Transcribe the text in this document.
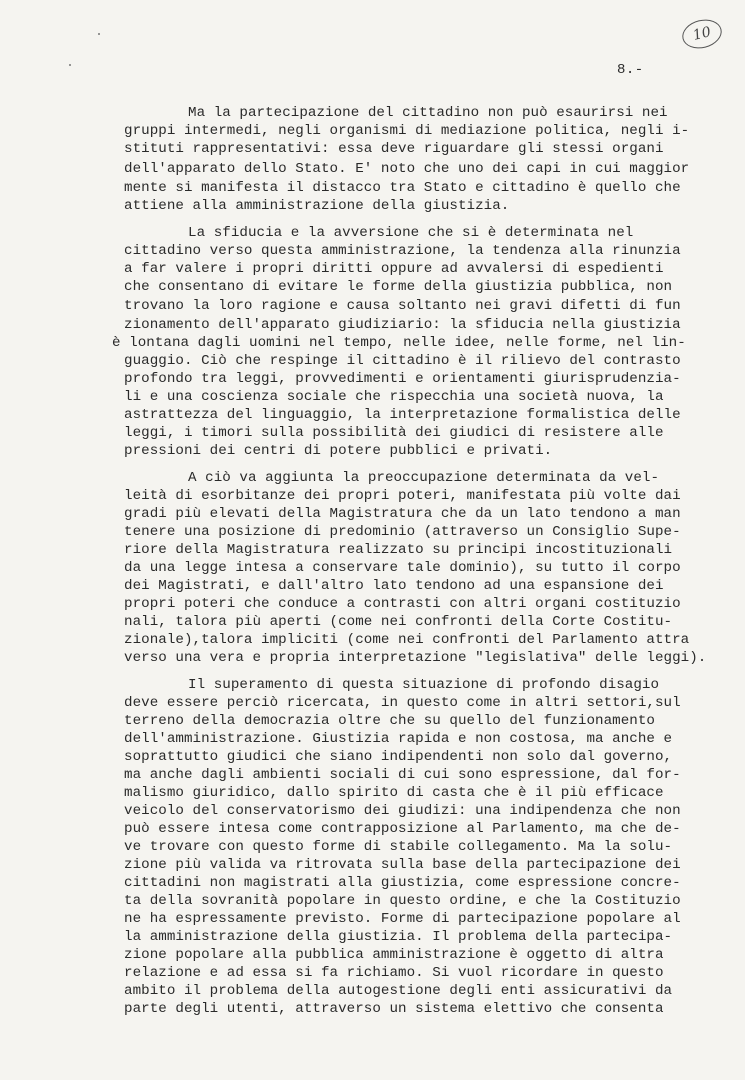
10
8.-
Ma la partecipazione del cittadino non può esaurirsi nei
gruppi intermedi, negli organismi di mediazione politica, negli i-
stituti rappresentativi: essa deve riguardare gli stessi organi
dell'apparato dello Stato. E' noto che uno dei capi in cui maggior
mente si manifesta il distacco tra Stato e cittadino è quello che
attiene alla amministrazione della giustizia.
La sfiducia e la avversione che si è determinata nel
cittadino verso questa amministrazione, la tendenza alla rinunzia
a far valere i propri diritti oppure ad avvalersi di espedienti
che consentano di evitare le forme della giustizia pubblica, non
trovano la loro ragione e causa soltanto nei gravi difetti di fun
zionamento dell'apparato giudiziario: la sfiducia nella giustizia
è lontana dagli uomini nel tempo, nelle idee, nelle forme, nel lin-
guaggio. Ciò che respinge il cittadino è il rilievo del contrasto
profondo tra leggi, provvedimenti e orientamenti giurisprudenzia-
li e una coscienza sociale che rispecchia una società nuova, la
astrattezza del linguaggio, la interpretazione formalistica delle
leggi, i timori sulla possibilità dei giudici di resistere alle
pressioni dei centri di potere pubblici e privati.
A ciò va aggiunta la preoccupazione determinata da vel-
leità di esorbitanze dei propri poteri, manifestata più volte dai
gradi più elevati della Magistratura che da un lato tendono a man
tenere una posizione di predominio (attraverso un Consiglio Supe-
riore della Magistratura realizzato su principi incostituzionali
da una legge intesa a conservare tale dominio), su tutto il corpo
dei Magistrati, e dall'altro lato tendono ad una espansione dei
propri poteri che conduce a contrasti con altri organi costituzio
nali, talora più aperti (come nei confronti della Corte Costitu-
zionale),talora impliciti (come nei confronti del Parlamento attra
verso una vera e propria interpretazione "legislativa" delle leggi).
Il superamento di questa situazione di profondo disagio
deve essere perciò ricercata, in questo come in altri settori,sul
terreno della democrazia oltre che su quello del funzionamento
dell'amministrazione. Giustizia rapida e non costosa, ma anche e
soprattutto giudici che siano indipendenti non solo dal governo,
ma anche dagli ambienti sociali di cui sono espressione, dal for-
malismo giuridico, dallo spirito di casta che è il più efficace
veicolo del conservatorismo dei giudizi: una indipendenza che non
può essere intesa come contrapposizione al Parlamento, ma che de-
ve trovare con questo forme di stabile collegamento. Ma la solu-
zione più valida va ritrovata sulla base della partecipazione dei
cittadini non magistrati alla giustizia, come espressione concre-
ta della sovranità popolare in questo ordine, e che la Costituzio
ne ha espressamente previsto. Forme di partecipazione popolare al
la amministrazione della giustizia. Il problema della partecipa-
zione popolare alla pubblica amministrazione è oggetto di altra
relazione e ad essa si fa richiamo. Si vuol ricordare in questo
ambito il problema della autogestione degli enti assicurativi da
parte degli utenti, attraverso un sistema elettivo che consenta
